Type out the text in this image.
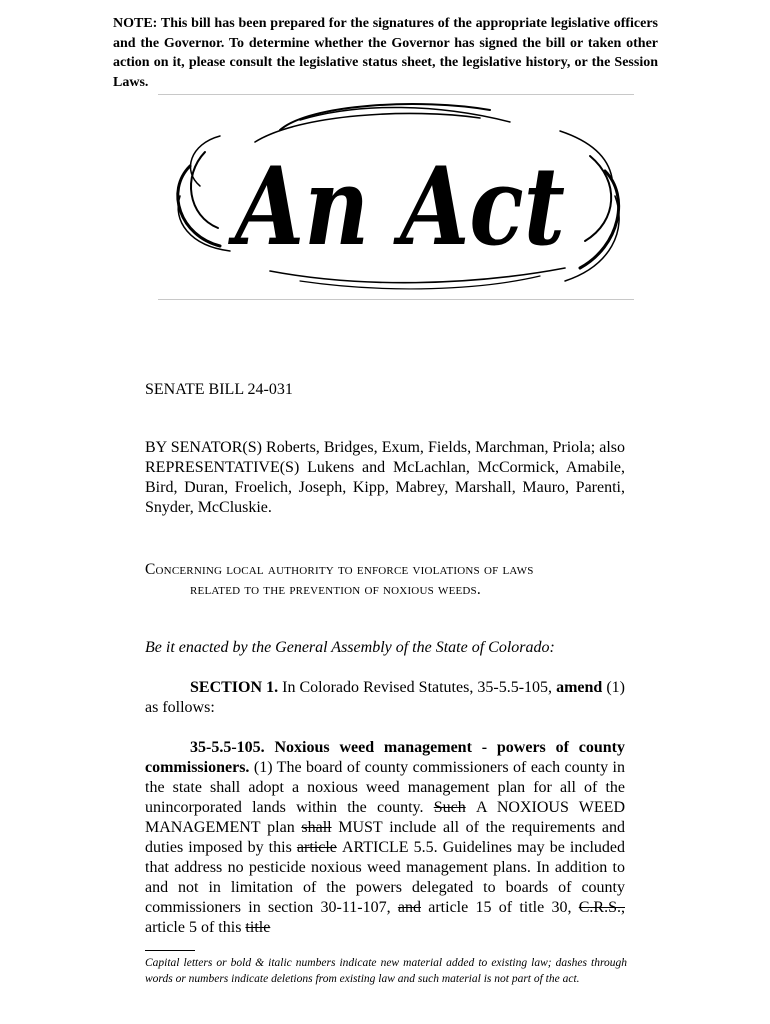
NOTE: This bill has been prepared for the signatures of the appropriate legislative officers and the Governor. To determine whether the Governor has signed the bill or taken other action on it, please consult the legislative status sheet, the legislative history, or the Session Laws.
An Act
SENATE BILL 24-031

BY SENATOR(S) Roberts, Bridges, Exum, Fields, Marchman, Priola; also REPRESENTATIVE(S) Lukens and McLachlan, McCormick, Amabile, Bird, Duran, Froelich, Joseph, Kipp, Mabrey, Marshall, Mauro, Parenti, Snyder, McCluskie.

Concerning local authority to enforce violations of laws
related to the prevention of noxious weeds.
Be it enacted by the General Assembly of the State of Colorado:
SECTION 1. In Colorado Revised Statutes, 35-5.5-105, amend (1) as follows:
35-5.5-105. Noxious weed management - powers of county commissioners. (1) The board of county commissioners of each county in the state shall adopt a noxious weed management plan for all of the unincorporated lands within the county. Such A NOXIOUS WEED MANAGEMENT plan shall MUST include all of the requirements and duties imposed by this article ARTICLE 5.5. Guidelines may be included that address no pesticide noxious weed management plans. In addition to and not in limitation of the powers delegated to boards of county commissioners in section 30-11-107, and article 15 of title 30, C.R.S., article 5 of this title
Capital letters or bold & italic numbers indicate new material added to existing law; dashes through words or numbers indicate deletions from existing law and such material is not part of the act.
